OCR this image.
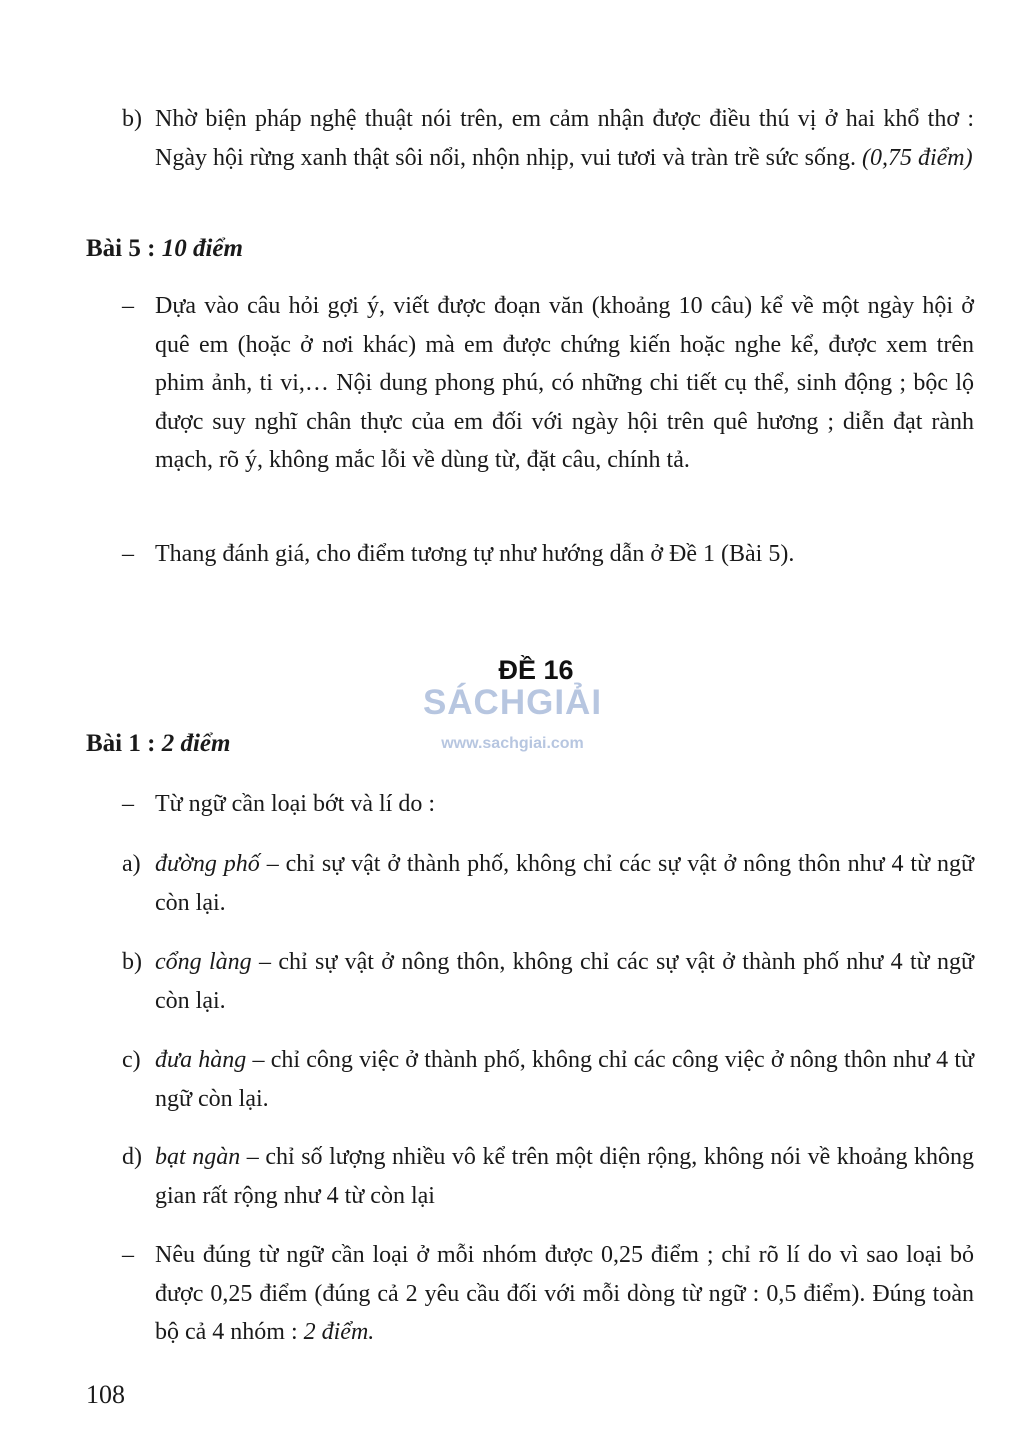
b) Nhờ biện pháp nghệ thuật nói trên, em cảm nhận được điều thú vị ở hai khổ thơ : Ngày hội rừng xanh thật sôi nổi, nhộn nhịp, vui tươi và tràn trề sức sống. (0,75 điểm)

Bài 5 : 10 điểm

– Dựa vào câu hỏi gợi ý, viết được đoạn văn (khoảng 10 câu) kể về một ngày hội ở quê em (hoặc ở nơi khác) mà em được chứng kiến hoặc nghe kể, được xem trên phim ảnh, ti vi,… Nội dung phong phú, có những chi tiết cụ thể, sinh động ; bộc lộ được suy nghĩ chân thực của em đối với ngày hội trên quê hương ; diễn đạt rành mạch, rõ ý, không mắc lỗi về dùng từ, đặt câu, chính tả.

– Thang đánh giá, cho điểm tương tự như hướng dẫn ở Đề 1 (Bài 5).

ĐỀ 16
SÁCHGIẢI
www.sachgiai.com

Bài 1 : 2 điểm

– Từ ngữ cần loại bớt và lí do :

a) đường phố – chỉ sự vật ở thành phố, không chỉ các sự vật ở nông thôn như 4 từ ngữ còn lại.

b) cổng làng – chỉ sự vật ở nông thôn, không chỉ các sự vật ở thành phố như 4 từ ngữ còn lại.

c) đưa hàng – chỉ công việc ở thành phố, không chỉ các công việc ở nông thôn như 4 từ ngữ còn lại.

d) bạt ngàn – chỉ số lượng nhiều vô kể trên một diện rộng, không nói về khoảng không gian rất rộng như 4 từ còn lại

– Nêu đúng từ ngữ cần loại ở mỗi nhóm được 0,25 điểm ; chỉ rõ lí do vì sao loại bỏ được 0,25 điểm (đúng cả 2 yêu cầu đối với mỗi dòng từ ngữ : 0,5 điểm). Đúng toàn bộ cả 4 nhóm : 2 điểm.

108
